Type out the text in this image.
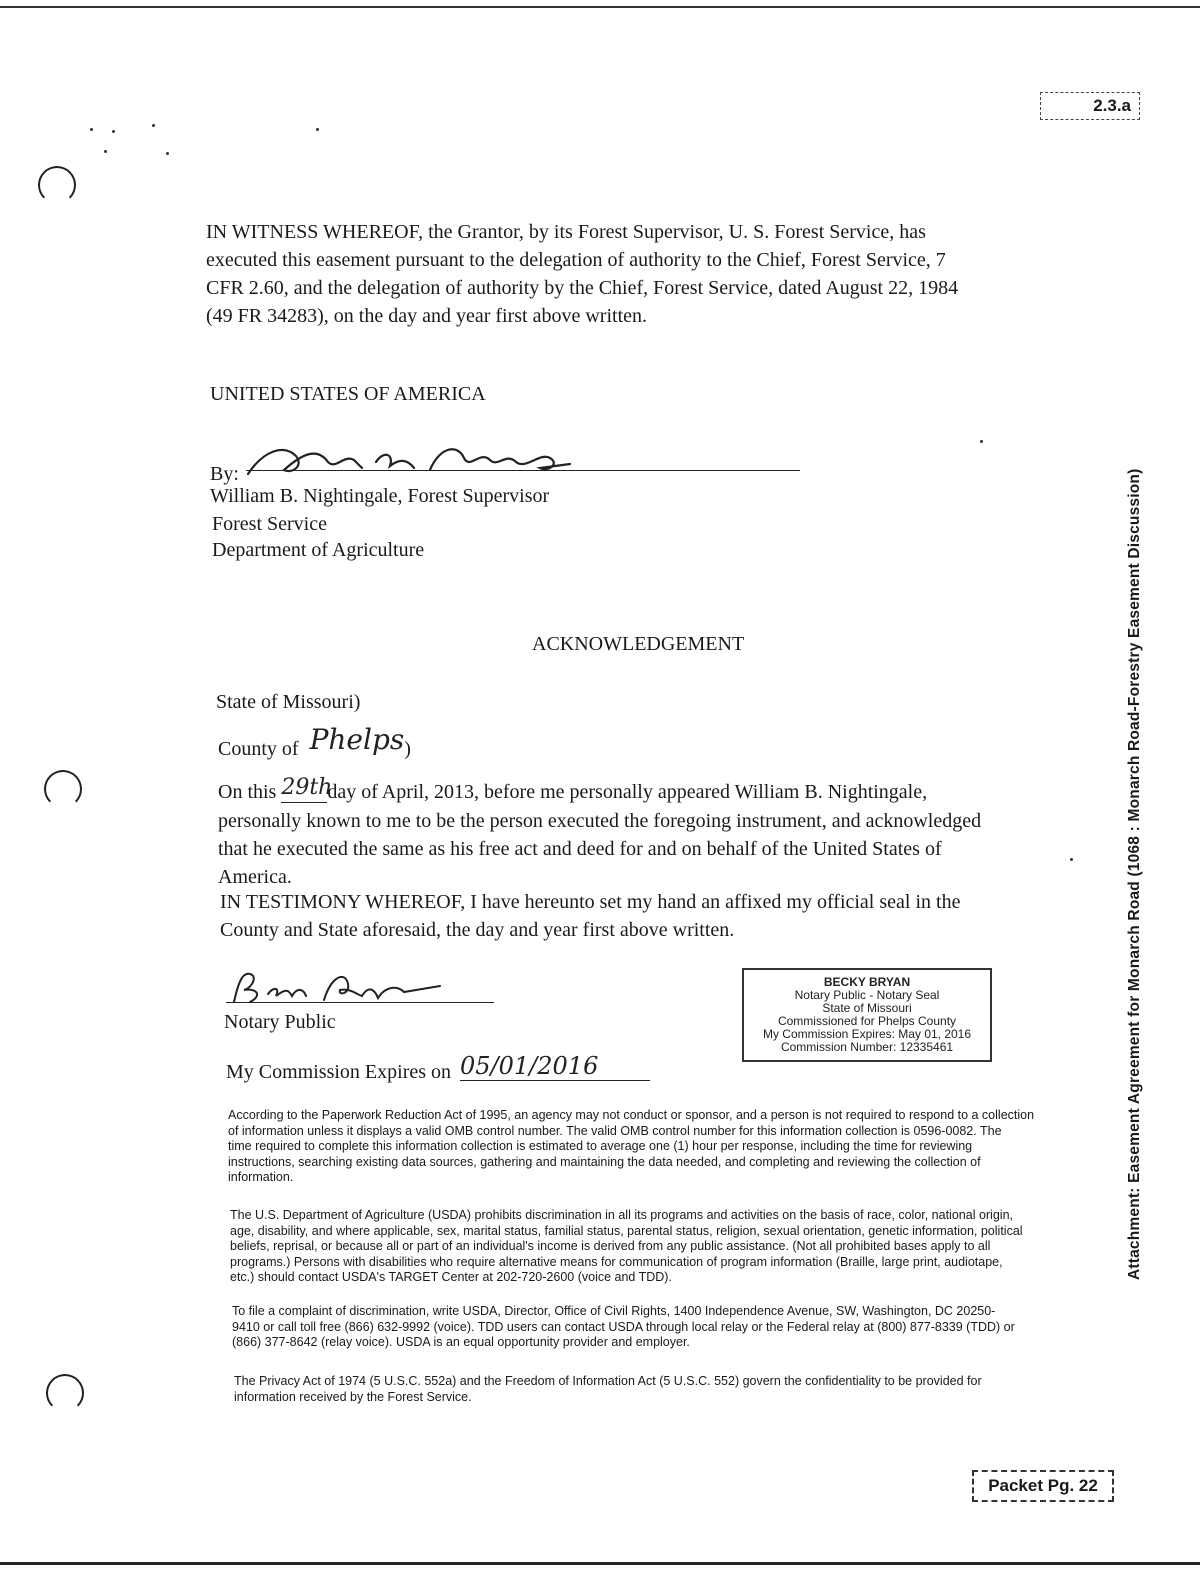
2.3.a
IN WITNESS WHEREOF, the Grantor, by its Forest Supervisor, U. S. Forest Service, has
executed this easement pursuant to the delegation of authority to the Chief, Forest Service, 7
CFR 2.60, and the delegation of authority by the Chief, Forest Service, dated August 22, 1984
(49 FR 34283), on the day and year first above written.
UNITED STATES OF AMERICA
By:
William B. Nightingale, Forest Supervisor
Forest Service
Department of Agriculture
ACKNOWLEDGEMENT
State of Missouri)
County of Phelps)
On this 29thday of April, 2013, before me personally appeared William B. Nightingale,
personally known to me to be the person executed the foregoing instrument, and acknowledged
that he executed the same as his free act and deed for and on behalf of the United States of
America.
IN TESTIMONY WHEREOF, I have hereunto set my hand an affixed my official seal in the
County and State aforesaid, the day and year first above written.
Notary Public
My Commission Expires on 05/01/2016
BECKY BRYAN
Notary Public - Notary Seal
State of Missouri
Commissioned for Phelps County
My Commission Expires: May 01, 2016
Commission Number: 12335461
According to the Paperwork Reduction Act of 1995, an agency may not conduct or sponsor, and a person is not required to respond to a collection
of information unless it displays a valid OMB control number. The valid OMB control number for this information collection is 0596-0082. The
time required to complete this information collection is estimated to average one (1) hour per response, including the time for reviewing
instructions, searching existing data sources, gathering and maintaining the data needed, and completing and reviewing the collection of
information.
The U.S. Department of Agriculture (USDA) prohibits discrimination in all its programs and activities on the basis of race, color, national origin,
age, disability, and where applicable, sex, marital status, familial status, parental status, religion, sexual orientation, genetic information, political
beliefs, reprisal, or because all or part of an individual's income is derived from any public assistance. (Not all prohibited bases apply to all
programs.) Persons with disabilities who require alternative means for communication of program information (Braille, large print, audiotape,
etc.) should contact USDA's TARGET Center at 202-720-2600 (voice and TDD).
To file a complaint of discrimination, write USDA, Director, Office of Civil Rights, 1400 Independence Avenue, SW, Washington, DC 20250-
9410 or call toll free (866) 632-9992 (voice). TDD users can contact USDA through local relay or the Federal relay at (800) 877-8339 (TDD) or
(866) 377-8642 (relay voice). USDA is an equal opportunity provider and employer.
The Privacy Act of 1974 (5 U.S.C. 552a) and the Freedom of Information Act (5 U.S.C. 552) govern the confidentiality to be provided for
information received by the Forest Service.
Attachment: Easement Agreement for Monarch Road (1068 : Monarch Road-Forestry Easement Discussion)
Packet Pg. 22
